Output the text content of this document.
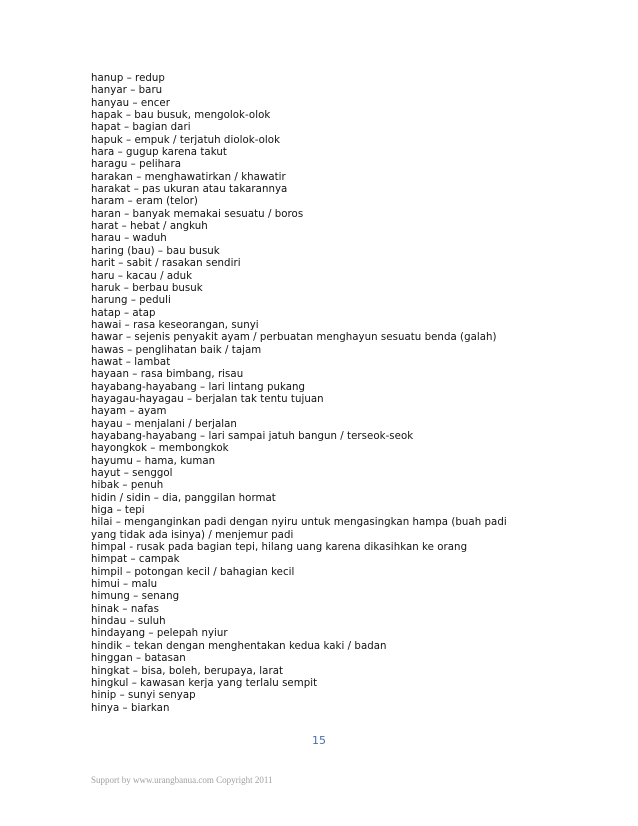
hanup – redup
hanyar – baru
hanyau – encer
hapak – bau busuk, mengolok-olok
hapat – bagian dari
hapuk – empuk / terjatuh diolok-olok
hara – gugup karena takut
haragu – pelihara
harakan – menghawatirkan / khawatir
harakat – pas ukuran atau takarannya
haram – eram (telor)
haran – banyak memakai sesuatu / boros
harat – hebat / angkuh
harau – waduh
haring (bau) – bau busuk
harit – sabit / rasakan sendiri
haru – kacau / aduk
haruk – berbau busuk
harung – peduli
hatap – atap
hawai – rasa keseorangan, sunyi
hawar – sejenis penyakit ayam / perbuatan menghayun sesuatu benda (galah)
hawas – penglihatan baik / tajam
hawat – lambat
hayaan – rasa bimbang, risau
hayabang-hayabang – lari lintang pukang
hayagau-hayagau – berjalan tak tentu tujuan
hayam – ayam
hayau – menjalani / berjalan
hayabang-hayabang – lari sampai jatuh bangun / terseok-seok
hayongkok – membongkok
hayumu – hama, kuman
hayut – senggol
hibak – penuh
hidin / sidin – dia, panggilan hormat
higa – tepi
hilai – menganginkan padi dengan nyiru untuk mengasingkan hampa (buah padi
yang tidak ada isinya) / menjemur padi
himpal - rusak pada bagian tepi, hilang uang karena dikasihkan ke orang
himpat – campak
himpil – potongan kecil / bahagian kecil
himui – malu
himung – senang
hinak – nafas
hindau – suluh
hindayang – pelepah nyiur
hindik – tekan dengan menghentakan kedua kaki / badan
hinggan – batasan
hingkat – bisa, boleh, berupaya, larat
hingkul – kawasan kerja yang terlalu sempit
hinip – sunyi senyap
hinya – biarkan
15
Support by www.urangbanua.com Copyright 2011
